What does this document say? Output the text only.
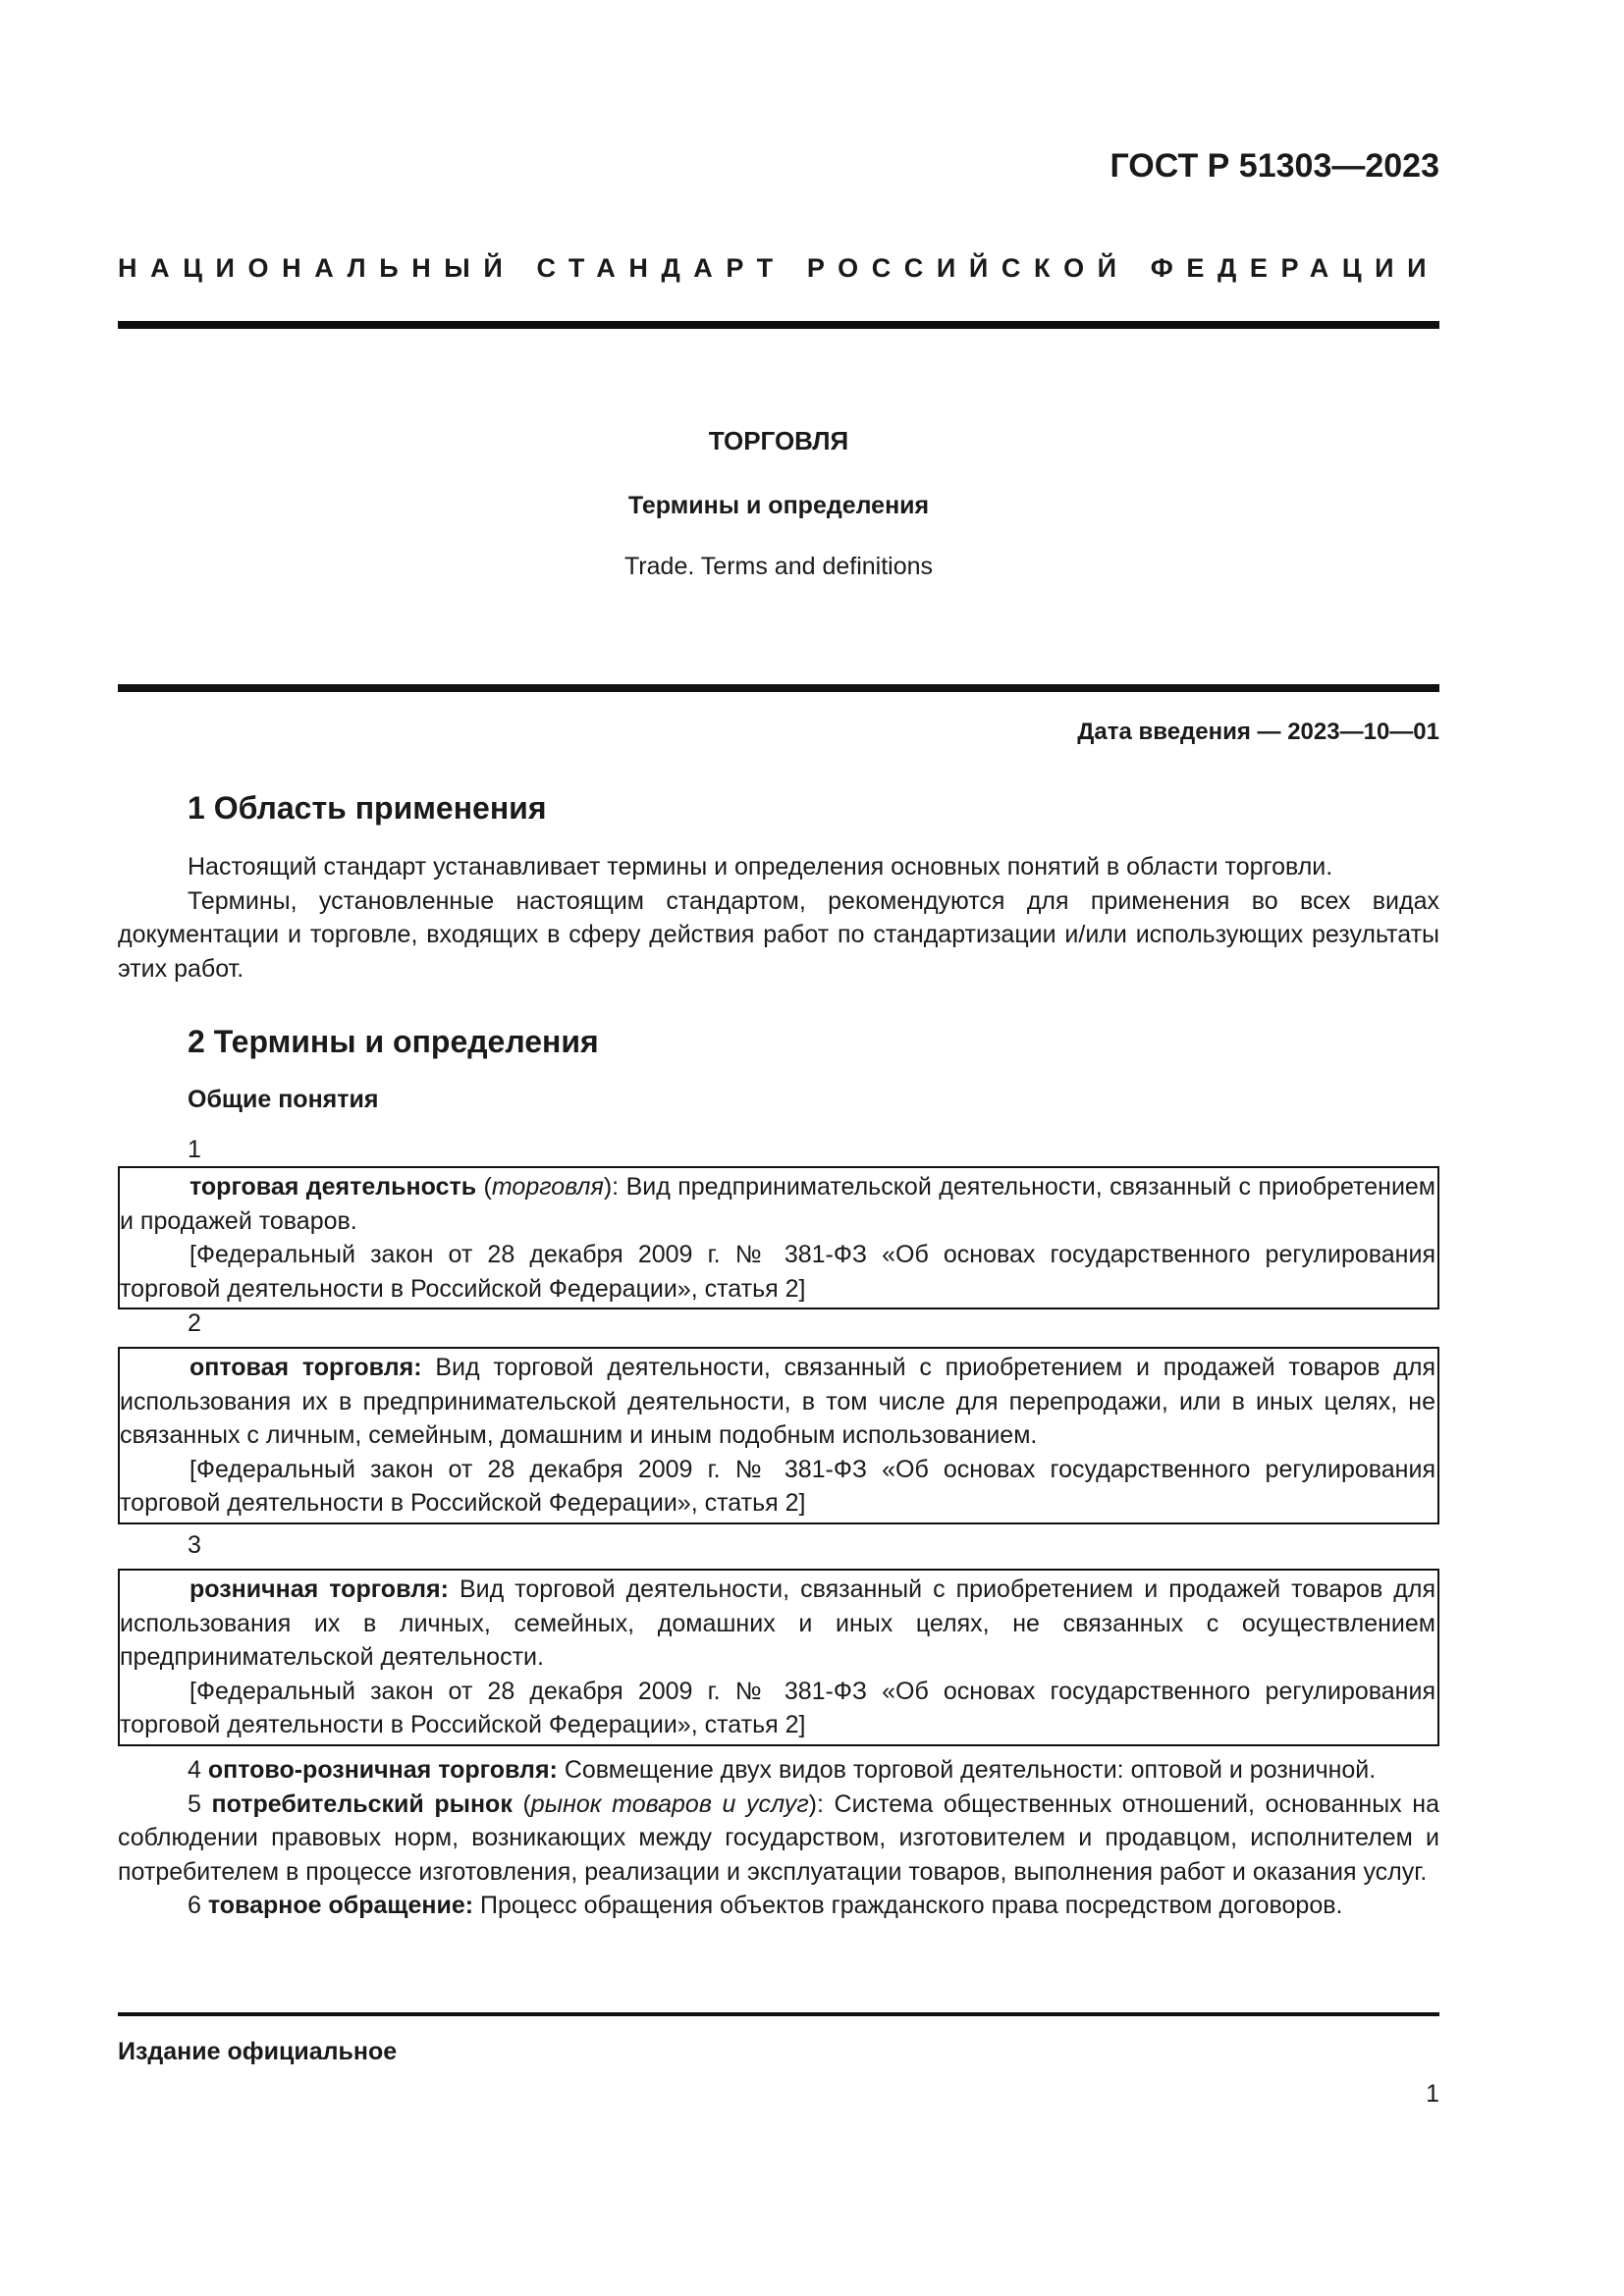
ГОСТ Р 51303—2023
НАЦИОНАЛЬНЫЙ СТАНДАРТ РОССИЙСКОЙ ФЕДЕРАЦИИ
ТОРГОВЛЯ
Термины и определения
Trade. Terms and definitions
Дата введения — 2023—10—01
1 Область применения

Настоящий стандарт устанавливает термины и определения основных понятий в области торговли.

Термины, установленные настоящим стандартом, рекомендуются для применения во всех видах документации и торговле, входящих в сферу действия работ по стандартизации и/или использующих результаты этих работ.

2 Термины и определения
Общие понятия
1

торговая деятельность (торговля): Вид предпринимательской деятельности, связанный с приобретением и продажей товаров.

[Федеральный закон от 28 декабря 2009 г. № 381-ФЗ «Об основах государственного регулирования торговой деятельности в Российской Федерации», статья 2]

2

оптовая торговля: Вид торговой деятельности, связанный с приобретением и продажей товаров для использования их в предпринимательской деятельности, в том числе для перепродажи, или в иных целях, не связанных с личным, семейным, домашним и иным подобным использованием.

[Федеральный закон от 28 декабря 2009 г. № 381-ФЗ «Об основах государственного регулирования торговой деятельности в Российской Федерации», статья 2]

3

розничная торговля: Вид торговой деятельности, связанный с приобретением и продажей товаров для использования их в личных, семейных, домашних и иных целях, не связанных с осуществлением предпринимательской деятельности.

[Федеральный закон от 28 декабря 2009 г. № 381-ФЗ «Об основах государственного регулирования торговой деятельности в Российской Федерации», статья 2]

4 оптово-розничная торговля: Совмещение двух видов торговой деятельности: оптовой и розничной.

5 потребительский рынок (рынок товаров и услуг): Система общественных отношений, основанных на соблюдении правовых норм, возникающих между государством, изготовителем и продавцом, исполнителем и потребителем в процессе изготовления, реализации и эксплуатации товаров, выполнения работ и оказания услуг.

6 товарное обращение: Процесс обращения объектов гражданского права посредством договоров.

Издание официальное
1
